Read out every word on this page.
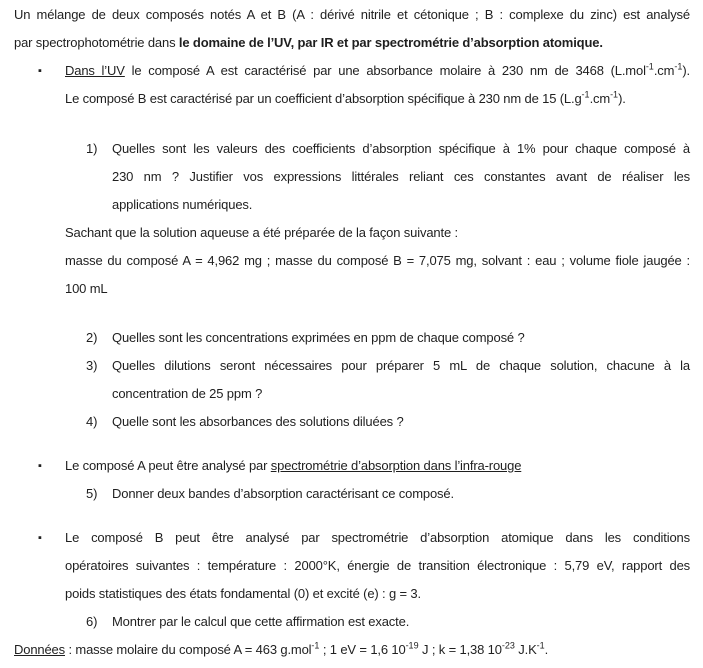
Un mélange de deux composés notés A et B (A : dérivé nitrile et cétonique ; B : complexe du zinc) est analysé
par spectrophotométrie dans le domaine de l’UV, par IR et par spectrométrie d’absorption atomique.
▪ Dans l’UV le composé A est caractérisé par une absorbance molaire à 230 nm de 3468 $(L.mol^{-1}.cm^{-1})$.
Le composé B est caractérisé par un coefficient d’absorption spécifique à 230 nm de 15 $(L.g^{-1}.cm^{-1})$.
1) Quelles sont les valeurs des coefficients d’absorption spécifique à 1% pour chaque composé à
230 nm ? Justifier vos expressions littérales reliant ces constantes avant de réaliser les
applications numériques.
Sachant que la solution aqueuse a été préparée de la façon suivante :
masse du composé A = 4,962 mg ; masse du composé B = 7,075 mg, solvant : eau ; volume fiole jaugée :
100 mL
2) Quelles sont les concentrations exprimées en ppm de chaque composé ?
3) Quelles dilutions seront nécessaires pour préparer 5 mL de chaque solution, chacune à la
concentration de 25 ppm ?
4) Quelle sont les absorbances des solutions diluées ?
▪ Le composé A peut être analysé par spectrométrie d’absorption dans l’infra-rouge
5) Donner deux bandes d’absorption caractérisant ce composé.
▪ Le composé B peut être analysé par spectrométrie d’absorption atomique dans les conditions
opératoires suivantes : température : 2000°K, énergie de transition électronique : 5,79 eV, rapport des
poids statistiques des états fondamental (0) et excité (e) : g = 3.
6) Montrer par le calcul que cette affirmation est exacte.
Données : masse molaire du composé A = 463 g.mol$^{-1}$ ; 1 eV = 1,6 $10^{-19}$ J ; k = 1,38 $10^{-23}$ $J.K^{-1}$.
